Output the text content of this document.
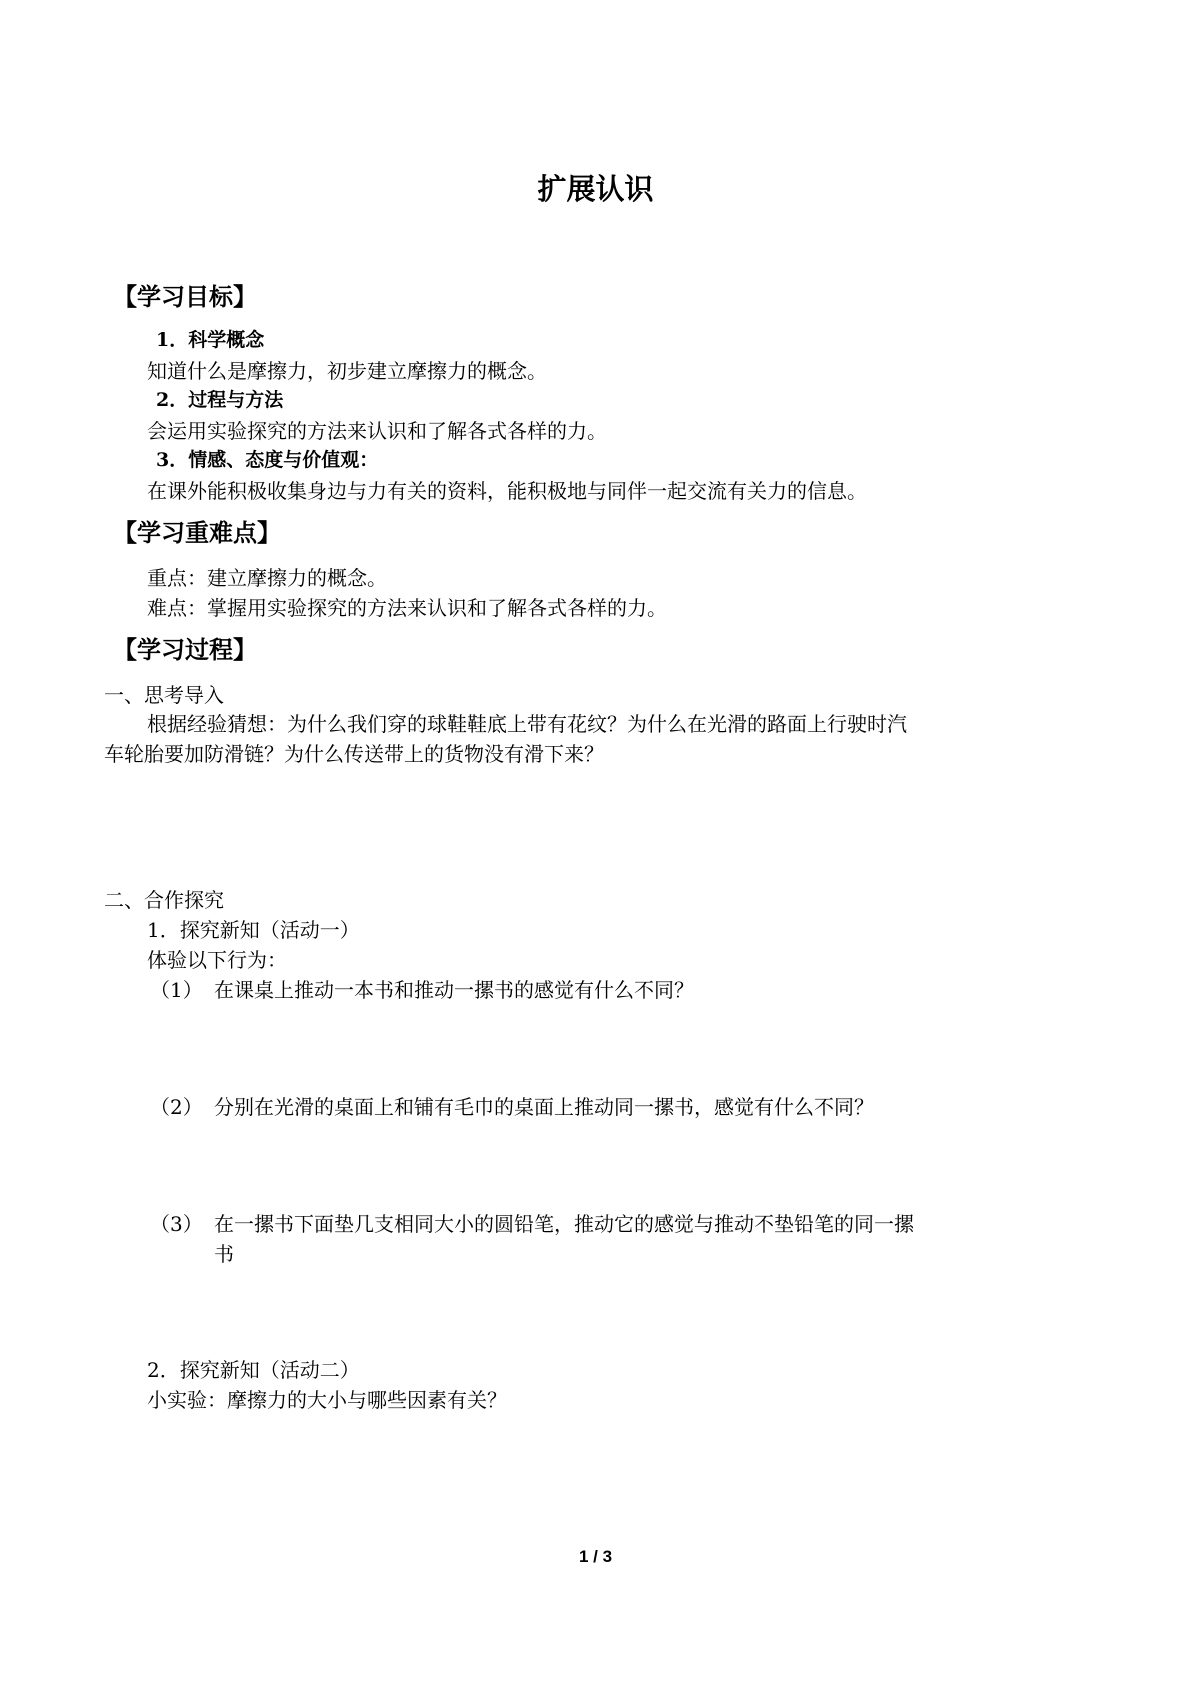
扩展认识
【学习目标】
1．科学概念
知道什么是摩擦力，初步建立摩擦力的概念。
2．过程与方法
会运用实验探究的方法来认识和了解各式各样的力。
3．情感、态度与价值观：
在课外能积极收集身边与力有关的资料，能积极地与同伴一起交流有关力的信息。
【学习重难点】
重点：建立摩擦力的概念。
难点：掌握用实验探究的方法来认识和了解各式各样的力。
【学习过程】
一、思考导入
根据经验猜想：为什么我们穿的球鞋鞋底上带有花纹？为什么在光滑的路面上行驶时汽
车轮胎要加防滑链？为什么传送带上的货物没有滑下来？
二、合作探究
1．探究新知（活动一）
体验以下行为：
（1） 在课桌上推动一本书和推动一摞书的感觉有什么不同？
（2） 分别在光滑的桌面上和铺有毛巾的桌面上推动同一摞书，感觉有什么不同？
（3） 在一摞书下面垫几支相同大小的圆铅笔，推动它的感觉与推动不垫铅笔的同一摞
书
2．探究新知（活动二）
小实验：摩擦力的大小与哪些因素有关？
1 / 3
